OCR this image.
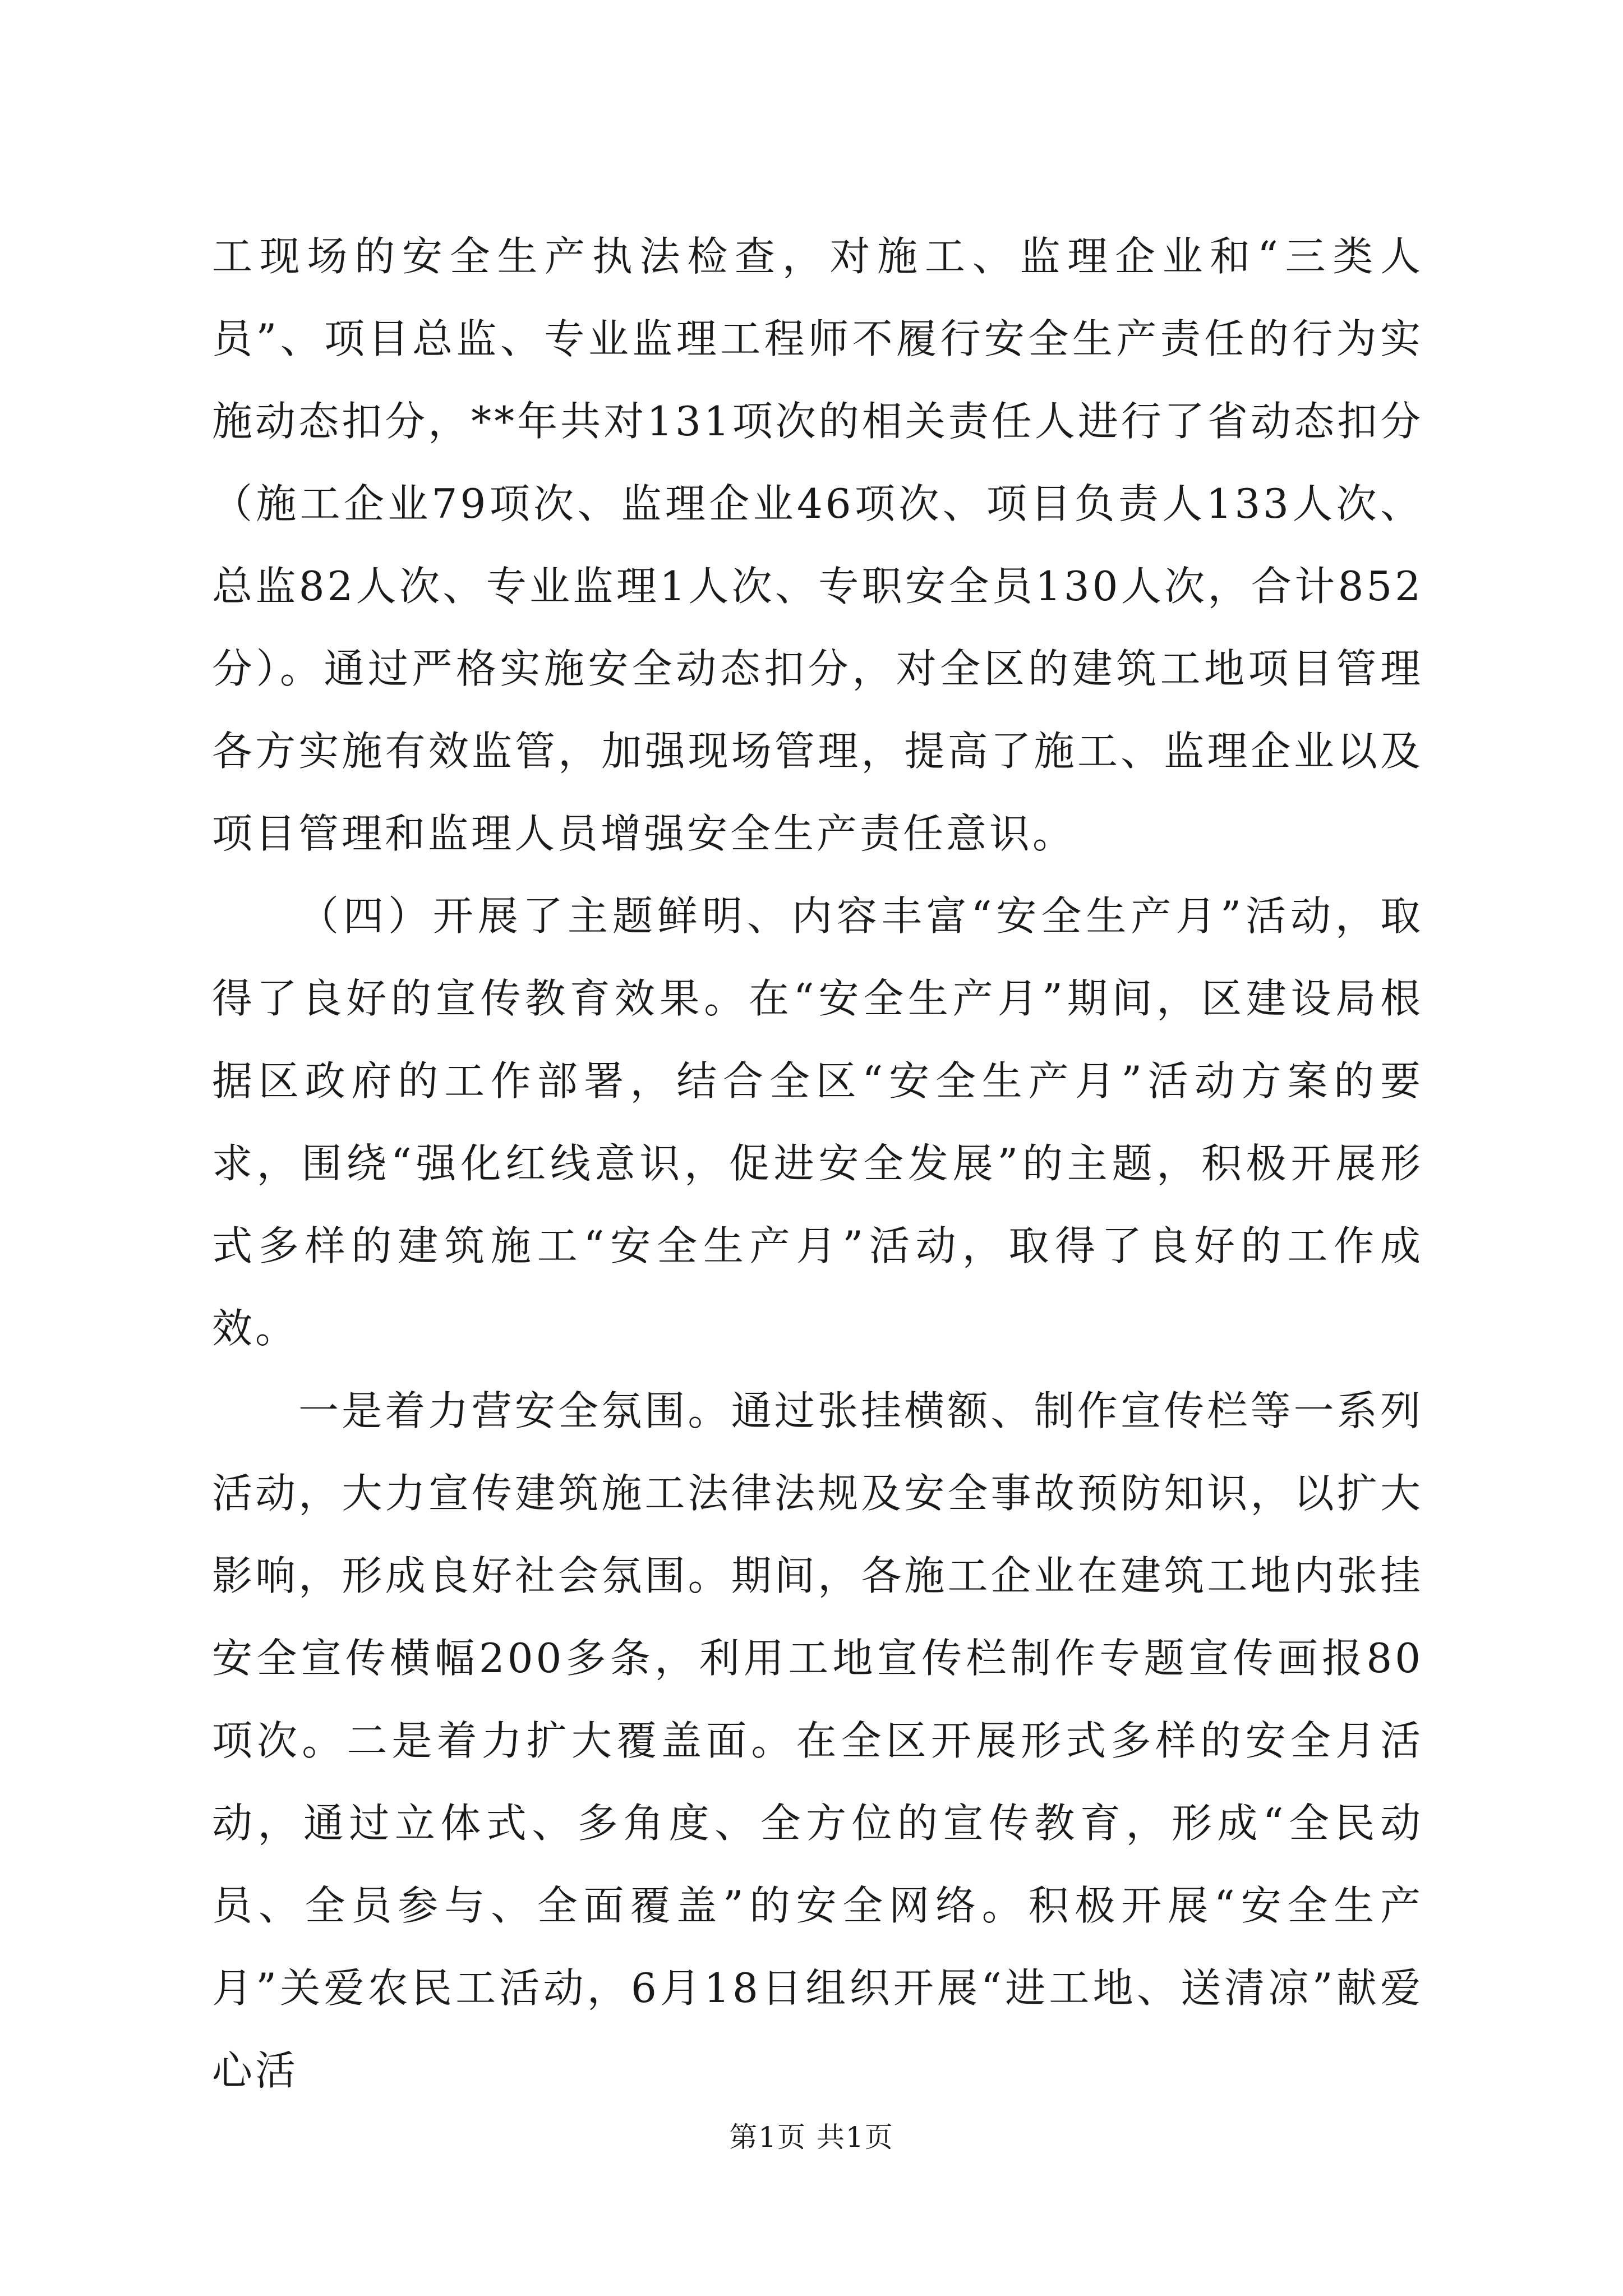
工现场的安全生产执法检查，对施工、监理企业和“三类人员”、项目总监、专业监理工程师不履行安全生产责任的行为实施动态扣分，**年共对131项次的相关责任人进行了省动态扣分（施工企业79项次、监理企业46项次、项目负责人133人次、总监82人次、专业监理1人次、专职安全员130人次，合计852分）。通过严格实施安全动态扣分，对全区的建筑工地项目管理各方实施有效监管，加强现场管理，提高了施工、监理企业以及项目管理和监理人员增强安全生产责任意识。

（四）开展了主题鲜明、内容丰富“安全生产月”活动，取得了良好的宣传教育效果。在“安全生产月”期间，区建设局根据区政府的工作部署，结合全区“安全生产月”活动方案的要求，围绕“强化红线意识，促进安全发展”的主题，积极开展形式多样的建筑施工“安全生产月”活动，取得了良好的工作成效。

一是着力营安全氛围。通过张挂横额、制作宣传栏等一系列活动，大力宣传建筑施工法律法规及安全事故预防知识，以扩大影响，形成良好社会氛围。期间，各施工企业在建筑工地内张挂安全宣传横幅200多条，利用工地宣传栏制作专题宣传画报80项次。二是着力扩大覆盖面。在全区开展形式多样的安全月活动，通过立体式、多角度、全方位的宣传教育，形成“全民动员、全员参与、全面覆盖”的安全网络。积极开展“安全生产月”关爱农民工活动，6月18日组织开展“进工地、送清凉”献爱心活

第1页 共1页
